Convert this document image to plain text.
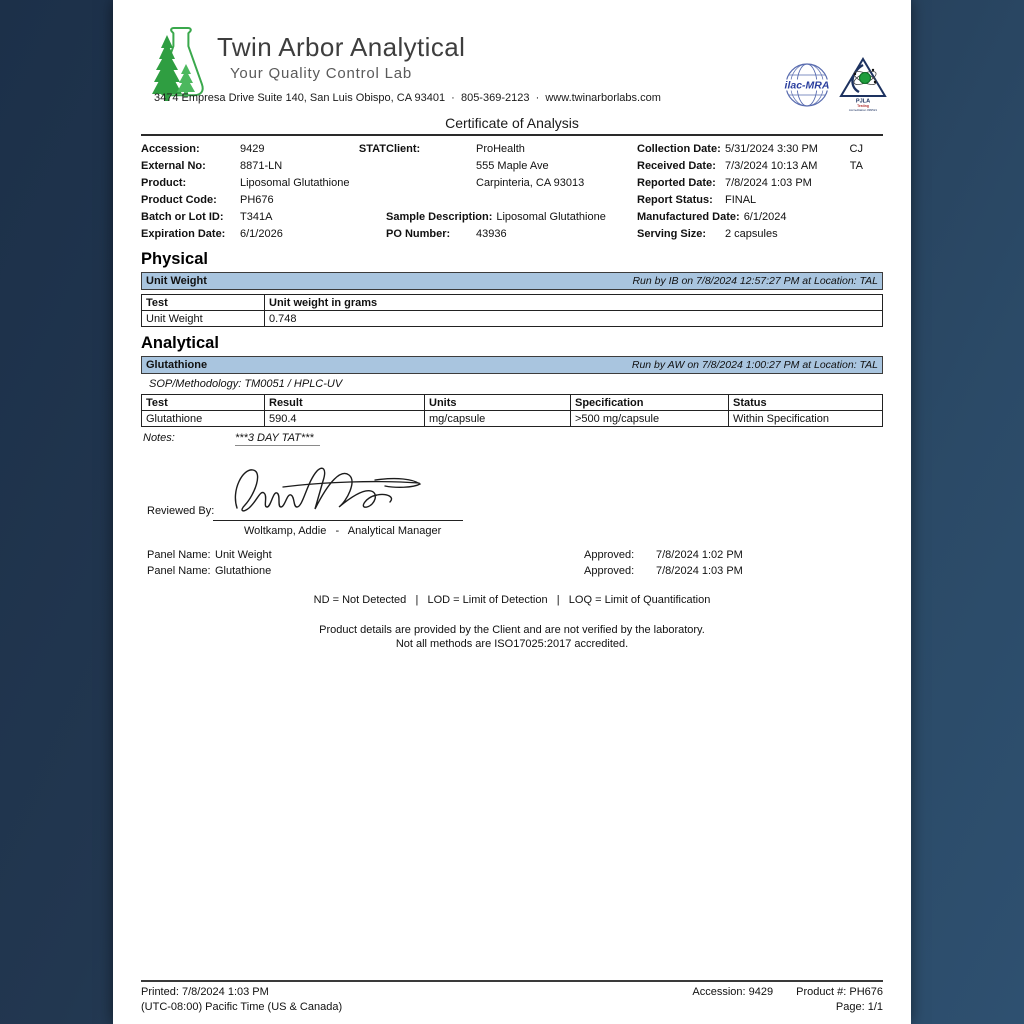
Twin Arbor Analytical
Your Quality Control Lab
3474 Empresa Drive Suite 140, San Luis Obispo, CA 93401  ·  805-369-2123  ·  www.twinarborlabs.com
ilac-MRA
PJLA
Testing
Accreditation #99521
Certificate of Analysis
Accession:	9429	STAT Client:	ProHealth	Collection Date: 5/31/2024 3:30 PM	CJ
External No:	8871-LN	555 Maple Ave	Received Date: 7/3/2024 10:13 AM	TA
Product:	Liposomal Glutathione	Carpinteria, CA 93013	Reported Date: 7/8/2024 1:03 PM
Product Code:	PH676	Report Status:	FINAL
Batch or Lot ID:	T341A	Sample Description: Liposomal Glutathione	Manufactured Date: 6/1/2024
Expiration Date:	6/1/2026	PO Number:	43936	Serving Size:	2 capsules
Physical
Unit Weight	Run by IB on 7/8/2024 12:57:27 PM at Location: TAL
Test	Unit weight in grams
Unit Weight	0.748
Analytical
Glutathione	Run by AW on 7/8/2024 1:00:27 PM at Location: TAL
SOP/Methodology: TM0051 / HPLC-UV
Test	Result	Units	Specification	Status
Glutathione	590.4	mg/capsule	>500 mg/capsule	Within Specification
Notes:	***3 DAY TAT***
Reviewed By:
Woltkamp, Addie   -   Analytical Manager
Panel Name: Unit Weight	Approved:	7/8/2024 1:02 PM
Panel Name: Glutathione	Approved:	7/8/2024 1:03 PM
ND = Not Detected   |   LOD = Limit of Detection   |   LOQ = Limit of Quantification
Product details are provided by the Client and are not verified by the laboratory.
Not all methods are ISO17025:2017 accredited.
Printed: 7/8/2024 1:03 PM	Accession: 9429 Product #: PH676
(UTC-08:00) Pacific Time (US & Canada)	Page: 1/1
